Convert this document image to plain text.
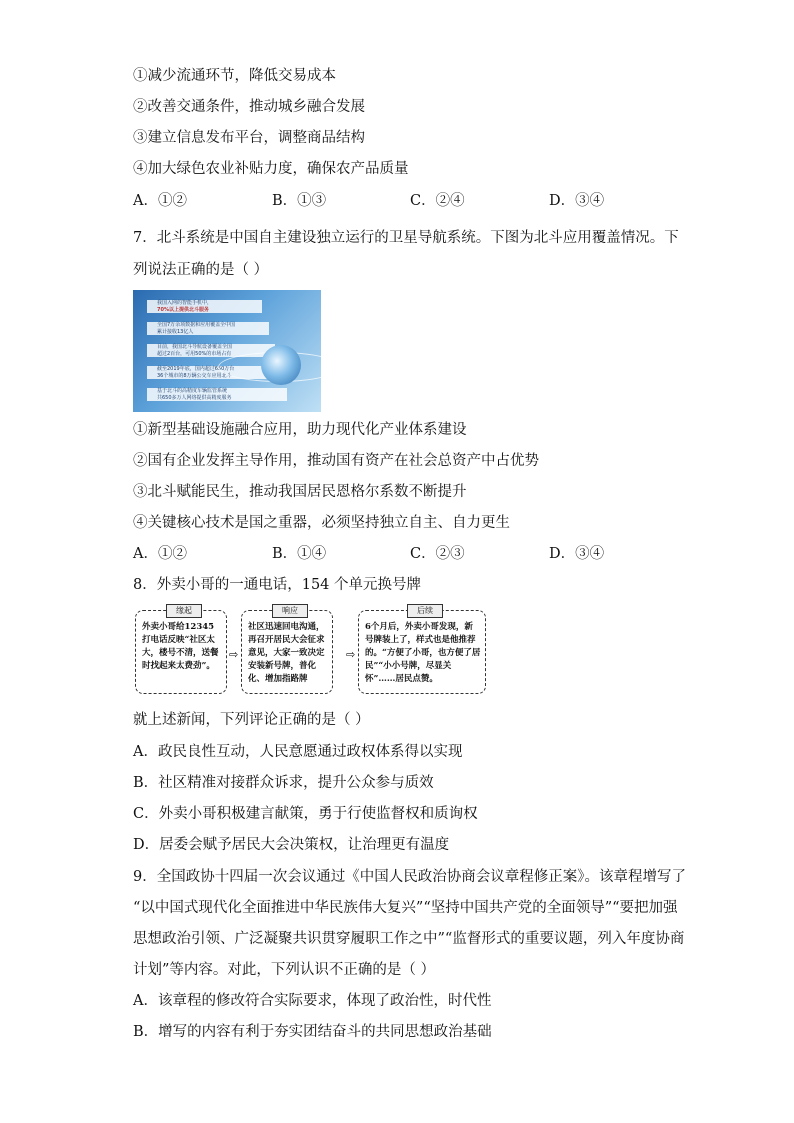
①减少流通环节，降低交易成本
②改善交通条件，推动城乡融合发展
③建立信息发布平台，调整商品结构
④加大绿色农业补贴力度，确保农产品质量
A．①②	B．①③	C．②④	D．③④
7．北斗系统是中国自主建设独立运行的卫星导航系统。下图为北斗应用覆盖情况。下
列说法正确的是（ ）
我国入网的智能手机中，
70%以上提供北斗服务
全国7万余项数据和应用覆盖全中国
累计接收13亿人
目前，我国北斗导航设备覆盖全国
超过2百台，可用50%的市场占有
截至2019年底，国内超过650万台
36个城市的8万辆公交车应用北斗
基于北斗的高精度车辆监管系统
共650多万人网络提供高精度服务
①新型基础设施融合应用，助力现代化产业体系建设
②国有企业发挥主导作用，推动国有资产在社会总资产中占优势
③北斗赋能民生，推动我国居民恩格尔系数不断提升
④关键核心技术是国之重器，必须坚持独立自主、自力更生
A．①②	B．①④	C．②③	D．③④
8．外卖小哥的一通电话，154 个单元换号牌
缘起
外卖小哥给12345打电话反映“社区太大，楼号不清，送餐时找起来太费劲”。
⇨
响应
社区迅速回电沟通，再召开居民大会征求意见，大家一致决定安装新号牌，普化化、增加指路牌
⇨
后续
6个月后，外卖小哥发现，新号牌装上了，样式也是他推荐的。“方便了小哥，也方便了居民”“小小号牌，尽显关怀”……居民点赞。
就上述新闻，下列评论正确的是（ ）
A．政民良性互动，人民意愿通过政权体系得以实现
B．社区精准对接群众诉求，提升公众参与质效
C．外卖小哥积极建言献策，勇于行使监督权和质询权
D．居委会赋予居民大会决策权，让治理更有温度
9．全国政协十四届一次会议通过《中国人民政治协商会议章程修正案》。该章程增写了
“以中国式现代化全面推进中华民族伟大复兴”“坚持中国共产党的全面领导”“要把加强
思想政治引领、广泛凝聚共识贯穿履职工作之中”“监督形式的重要议题，列入年度协商
计划”等内容。对此，下列认识不正确的是（ ）
A．该章程的修改符合实际要求，体现了政治性，时代性
B．增写的内容有利于夯实团结奋斗的共同思想政治基础
